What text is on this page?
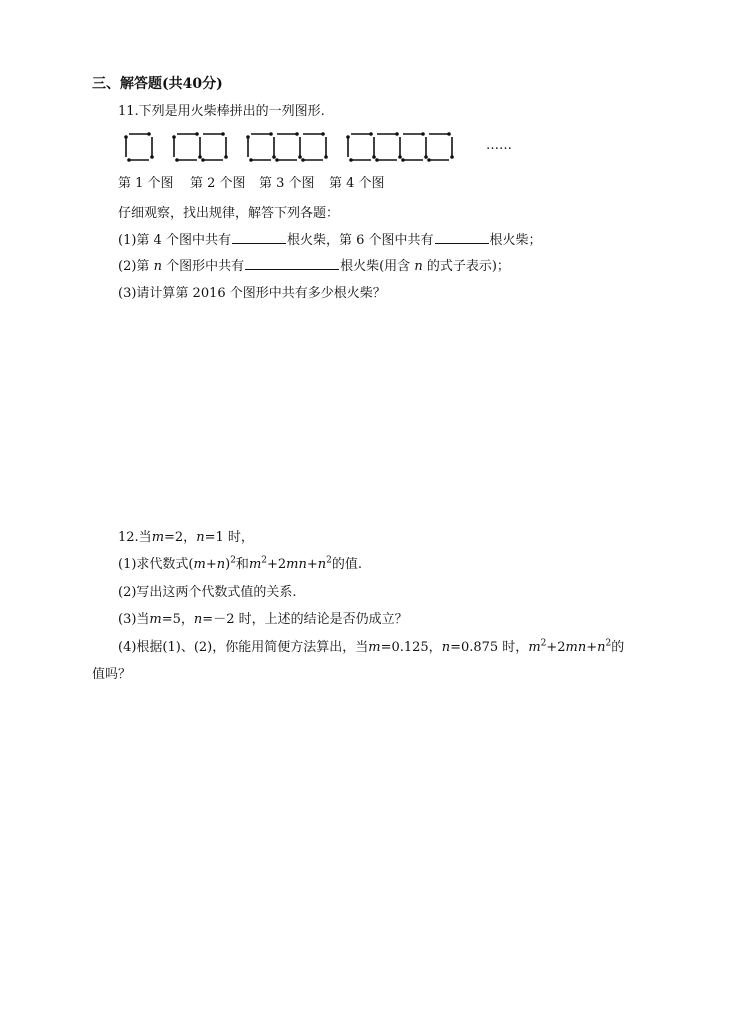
三、解答题(共40分)
11.下列是用火柴棒拼出的一列图形.
……
第 1 个图 第 2 个图 第 3 个图 第 4 个图
仔细观察，找出规律，解答下列各题：
(1)第 4 个图中共有	根火柴，第 6 个图中共有	根火柴；
(2)第 n 个图形中共有	根火柴(用含 n 的式子表示)；
(3)请计算第 2016 个图形中共有多少根火柴？
12.当m=2，n=1 时，
(1)求代数式$(m+n)^2$和$m^2+2mn+n^2$的值.
(2)写出这两个代数式值的关系.
(3)当m=5，n=－2 时，上述的结论是否仍成立？
(4)根据(1)、(2)，你能用简便方法算出，当m=0.125，n=0.875 时，$m^2+2mn+n^2$的
值吗？
